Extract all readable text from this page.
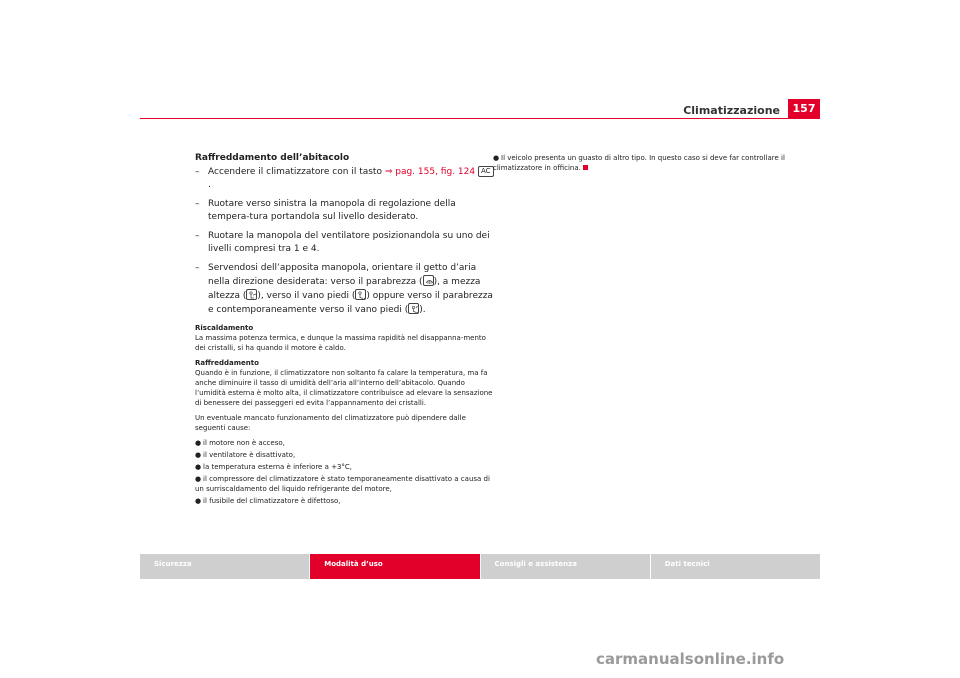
Climatizzazione	157

Raffreddamento dell’abitacolo

– Accendere il climatizzatore con il tasto ⇒ pag. 155, fig. 124 AC.

– Ruotare verso sinistra la manopola di regolazione della tempera-tura portandola sul livello desiderato.

– Ruotare la manopola del ventilatore posizionandola su uno dei livelli compresi tra 1 e 4.

– Servendosi dell’apposita manopola, orientare il getto d’aria nella direzione desiderata: verso il parabrezza ( ), a mezza altezza ( ), verso il vano piedi ( ) oppure verso il parabrezza e contemporaneamente verso il vano piedi ( ).

Riscaldamento

La massima potenza termica, e dunque la massima rapidità nel disappanna-mento dei cristalli, si ha quando il motore è caldo.

Raffreddamento

Quando è in funzione, il climatizzatore non soltanto fa calare la temperatura, ma fa anche diminuire il tasso di umidità dell’aria all’interno dell’abitacolo. Quando l’umidità esterna è molto alta, il climatizzatore contribuisce ad elevare la sensazione di benessere dei passeggeri ed evita l’appannamento dei cristalli.

Un eventuale mancato funzionamento del climatizzatore può dipendere dalle seguenti cause:

● il motore non è acceso,
● il ventilatore è disattivato,
● la temperatura esterna è inferiore a +3°C,
● il compressore del climatizzatore è stato temporaneamente disattivato a causa di un surriscaldamento del liquido refrigerante del motore,
● il fusibile del climatizzatore è difettoso,
● Il veicolo presenta un guasto di altro tipo. In questo caso si deve far controllare il climatizzatore in officina.
Sicurezza	Modalità d’uso	Consigli e assistenza	Dati tecnici
carmanualsonline.info
